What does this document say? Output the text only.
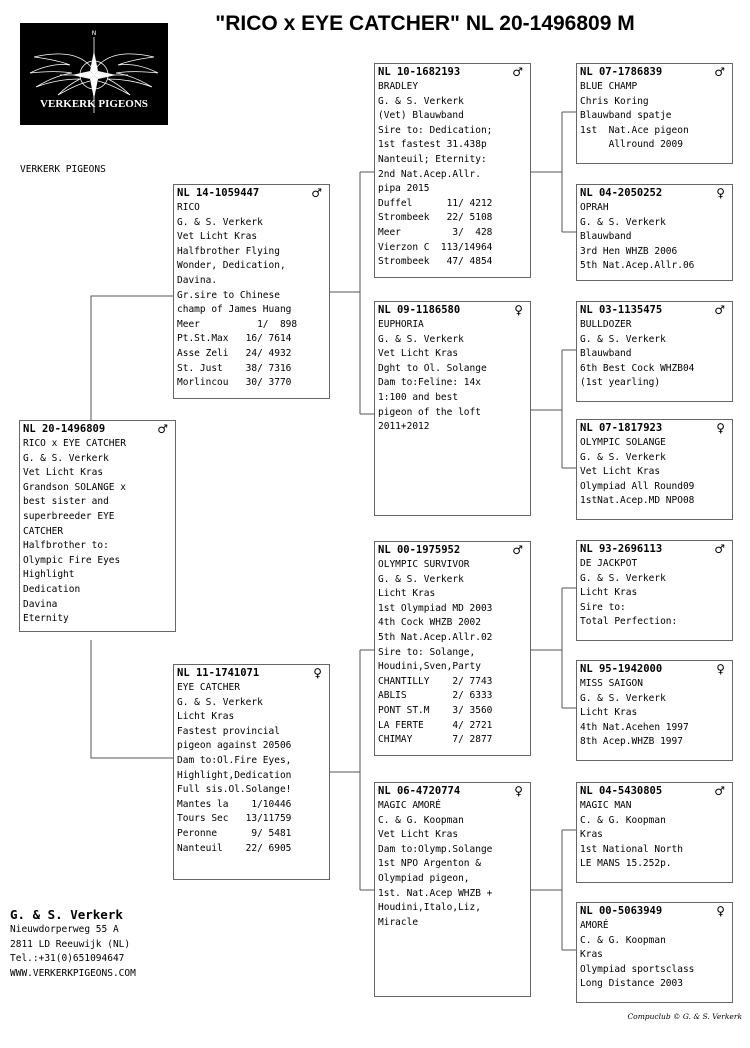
"RICO x EYE CATCHER" NL 20-1496809 M
N
VERKERK PIGEONS
VERKERK PIGEONS
NL 20-1496809	♂
RICO x EYE CATCHER
G. & S. Verkerk
Vet Licht Kras
Grandson SOLANGE x
best sister and
superbreeder EYE
CATCHER
Halfbrother to:
Olympic Fire Eyes
Highlight
Dedication
Davina
Eternity
NL 14-1059447	♂
RICO
G. & S. Verkerk
Vet Licht Kras
Halfbrother Flying
Wonder, Dedication,
Davina.
Gr.sire to Chinese
champ of James Huang
Meer          1/  898
Pt.St.Max   16/ 7614
Asse Zeli   24/ 4932
St. Just    38/ 7316
Morlincou   30/ 3770
NL 11-1741071	♀
EYE CATCHER
G. & S. Verkerk
Licht Kras
Fastest provincial
pigeon against 20506
Dam to:Ol.Fire Eyes,
Highlight,Dedication
Full sis.Ol.Solange!
Mantes la    1/10446
Tours Sec   13/11759
Peronne      9/ 5481
Nanteuil    22/ 6905
NL 10-1682193	♂
BRADLEY
G. & S. Verkerk
(Vet) Blauwband
Sire to: Dedication;
1st fastest 31.438p
Nanteuil; Eternity:
2nd Nat.Acep.Allr.
pipa 2015
Duffel      11/ 4212
Strombeek   22/ 5108
Meer         3/  428
Vierzon C  113/14964
Strombeek   47/ 4854
NL 09-1186580	♀
EUPHORIA
G. & S. Verkerk
Vet Licht Kras
Dght to Ol. Solange
Dam to:Feline: 14x
1:100 and best
pigeon of the loft
2011+2012
NL 00-1975952	♂
OLYMPIC SURVIVOR
G. & S. Verkerk
Licht Kras
1st Olympiad MD 2003
4th Cock WHZB 2002
5th Nat.Acep.Allr.02
Sire to: Solange,
Houdini,Sven,Party
CHANTILLY    2/ 7743
ABLIS        2/ 6333
PONT ST.M    3/ 3560
LA FERTE     4/ 2721
CHIMAY       7/ 2877
NL 06-4720774	♀
MAGIC AMORÉ
C. & G. Koopman
Vet Licht Kras
Dam to:Olymp.Solange
1st NPO Argenton &
Olympiad pigeon,
1st. Nat.Acep WHZB +
Houdini,Italo,Liz,
Miracle
NL 07-1786839	♂
BLUE CHAMP
Chris Koring
Blauwband spatje
1st  Nat.Ace pigeon
Allround 2009
NL 04-2050252	♀
OPRAH
G. & S. Verkerk
Blauwband
3rd Hen WHZB 2006
5th Nat.Acep.Allr.06
NL 03-1135475	♂
BULLDOZER
G. & S. Verkerk
Blauwband
6th Best Cock WHZB04
(1st yearling)
NL 07-1817923	♀
OLYMPIC SOLANGE
G. & S. Verkerk
Vet Licht Kras
Olympiad All Round09
1stNat.Acep.MD NPO08
NL 93-2696113	♂
DE JACKPOT
G. & S. Verkerk
Licht Kras
Sire to:
Total Perfection:
NL 95-1942000	♀
MISS SAIGON
G. & S. Verkerk
Licht Kras
4th Nat.Acehen 1997
8th Acep.WHZB 1997
NL 04-5430805	♂
MAGIC MAN
C. & G. Koopman
Kras
1st National North
LE MANS 15.252p.
NL 00-5063949	♀
AMORÉ
C. & G. Koopman
Kras
Olympiad sportsclass
Long Distance 2003
G. & S. Verkerk
Nieuwdorperweg 55 A
2811 LD Reeuwijk (NL)
Tel.:+31(0)651094647
WWW.VERKERKPIGEONS.COM
Compuclub © G. & S. Verkerk
